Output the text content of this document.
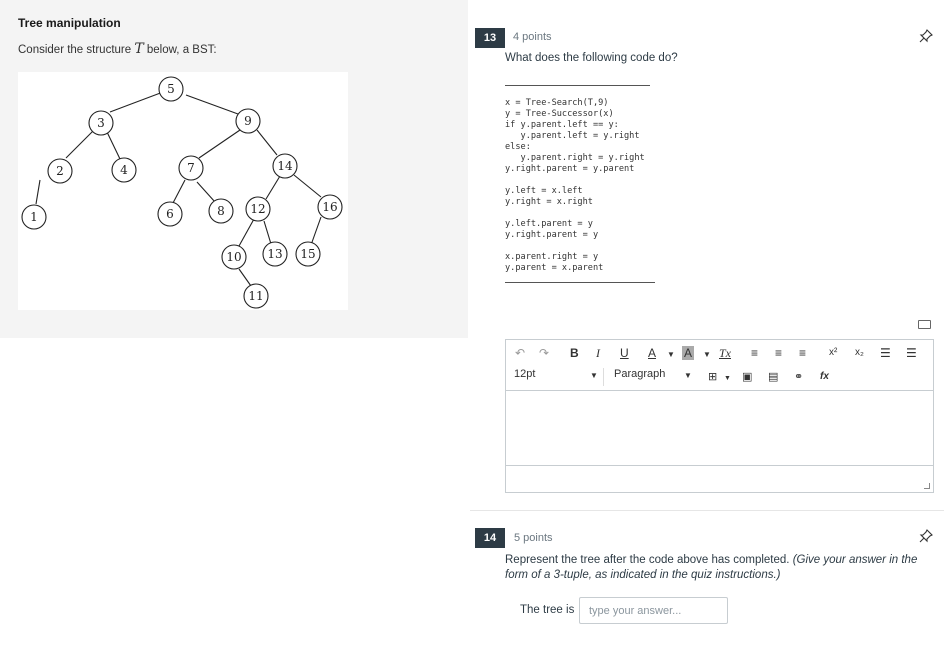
Tree manipulation
Consider the structure T below, a BST:
5
3	9
2	4	7	14
1	6	8 12	16
10 13 15
11
13	4 points
What does the following code do?
x = Tree-Search(T,9)
y = Tree-Successor(x)
if y.parent.left == y:
y.parent.left = y.right
else:
y.parent.right = y.right
y.right.parent = y.parent

y.left = x.left
y.right = x.right

y.left.parent = y
y.right.parent = y

x.parent.right = y
y.parent = x.parent
↶ ↷ B I U A ▼ A ▼ Tx ≡ ≡ ≡ x² x₂ ☰ ☰
12pt	▼ Paragraph ▼ ⊞ ▼ ▣ ▤ ⚭ fx
14	5 points
Represent the tree after the code above has completed. (Give your answer in the form of a 3-tuple, as indicated in the quiz instructions.)
The tree is
type your answer...
